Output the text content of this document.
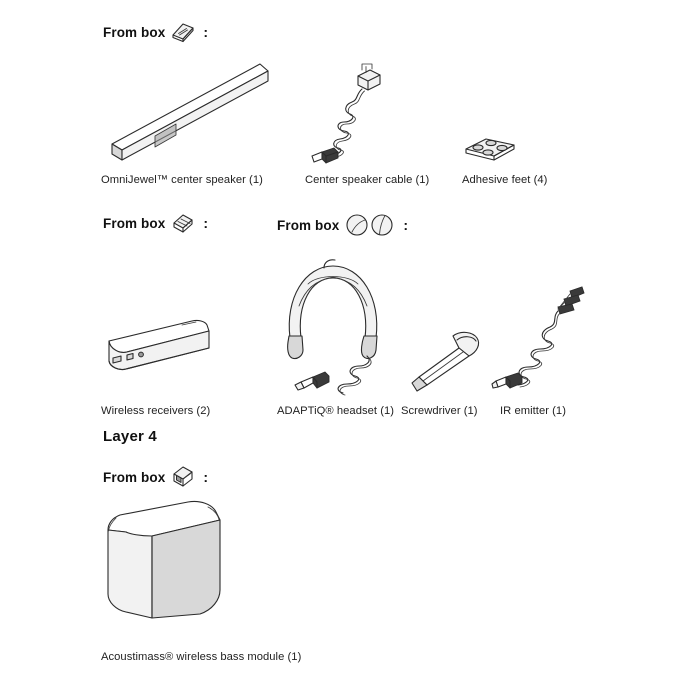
From box	:
OmniJewel™ center speaker (1)	Center speaker cable (1)	Adhesive feet (4)
From box	:
Wireless receivers (2)
From box	:
ADAPTiQ® headset (1) Screwdriver (1) IR emitter (1)
Layer 4
From box	:
Acoustimass® wireless bass module (1)
